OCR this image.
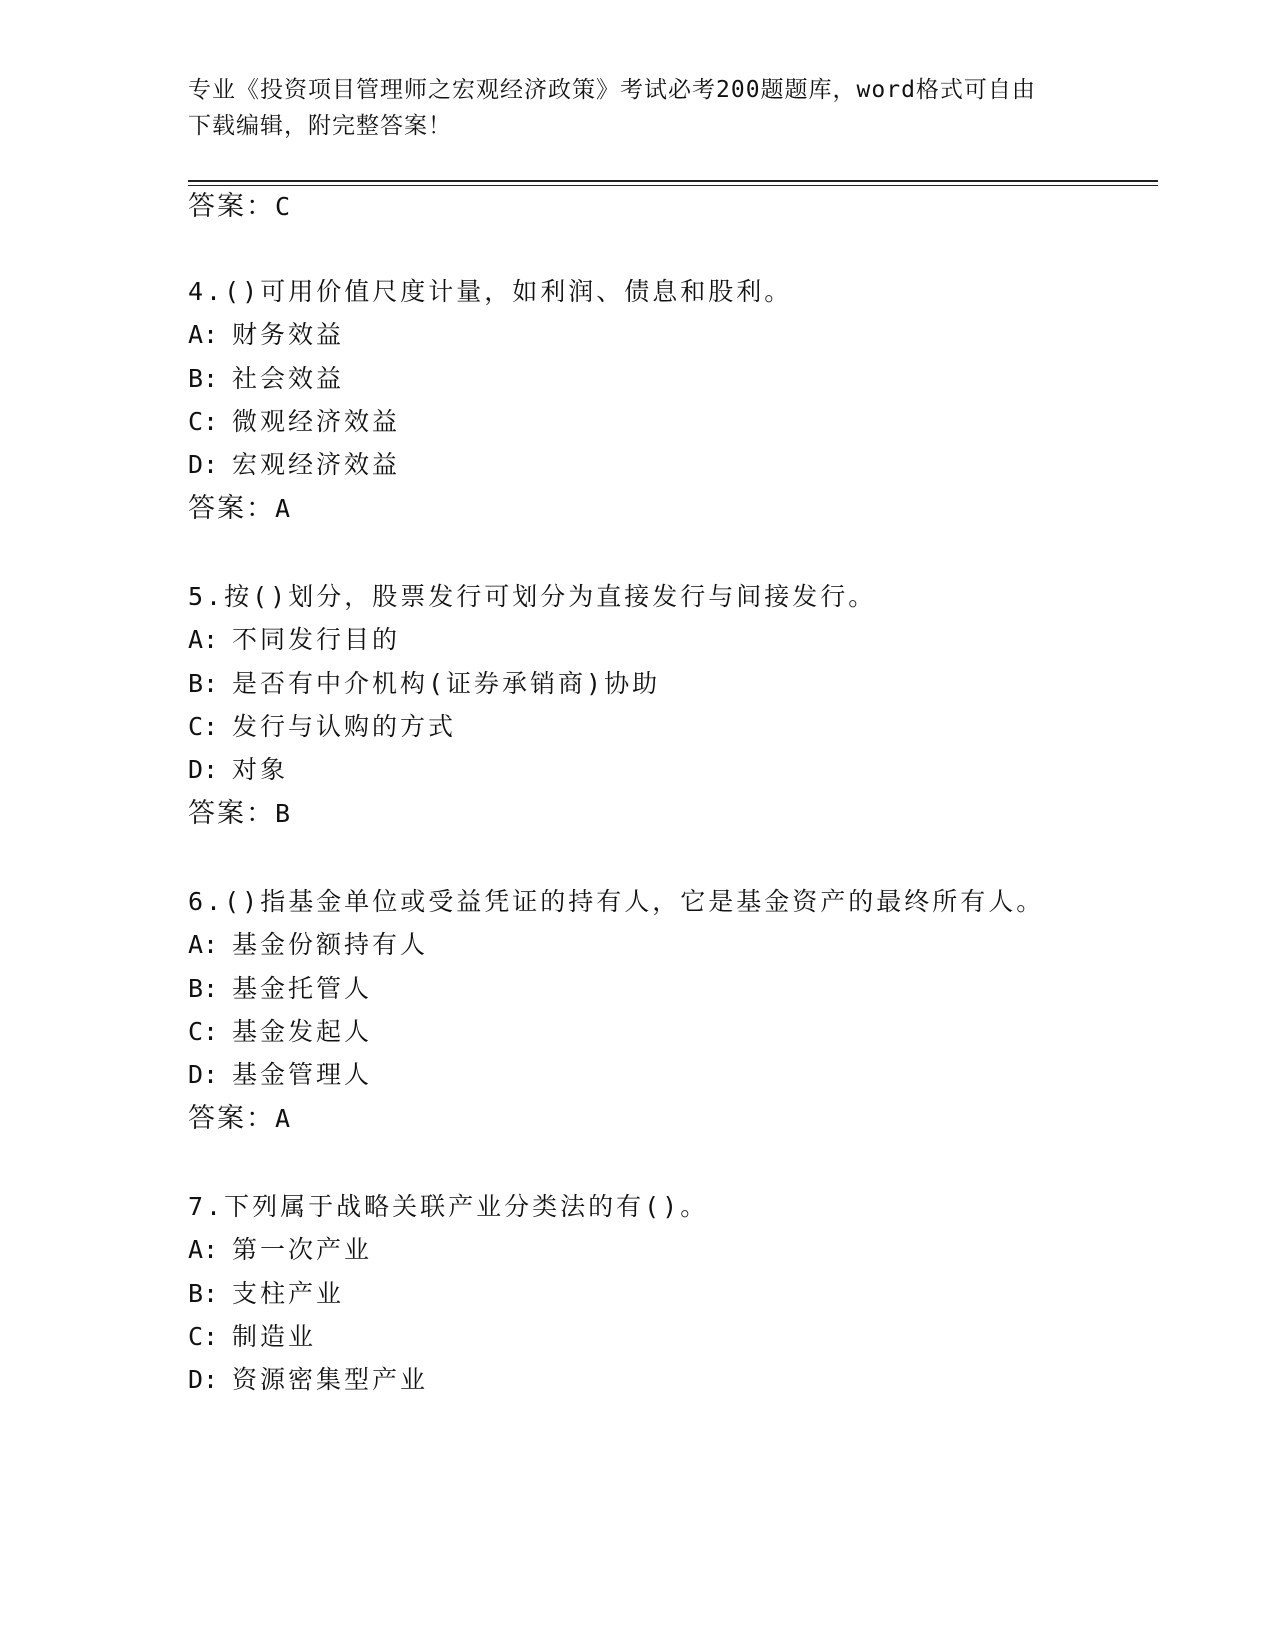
专业《投资项目管理师之宏观经济政策》考试必考200题题库，word格式可自由
下载编辑，附完整答案！
答案：C
4.()可用价值尺度计量，如利润、债息和股利。
A: 财务效益
B: 社会效益
C: 微观经济效益
D: 宏观经济效益
答案：A
5.按()划分，股票发行可划分为直接发行与间接发行。
A: 不同发行目的
B: 是否有中介机构(证券承销商)协助
C: 发行与认购的方式
D: 对象
答案：B
6.()指基金单位或受益凭证的持有人，它是基金资产的最终所有人。
A: 基金份额持有人
B: 基金托管人
C: 基金发起人
D: 基金管理人
答案：A
7.下列属于战略关联产业分类法的有()。
A: 第一次产业
B: 支柱产业
C: 制造业
D: 资源密集型产业
